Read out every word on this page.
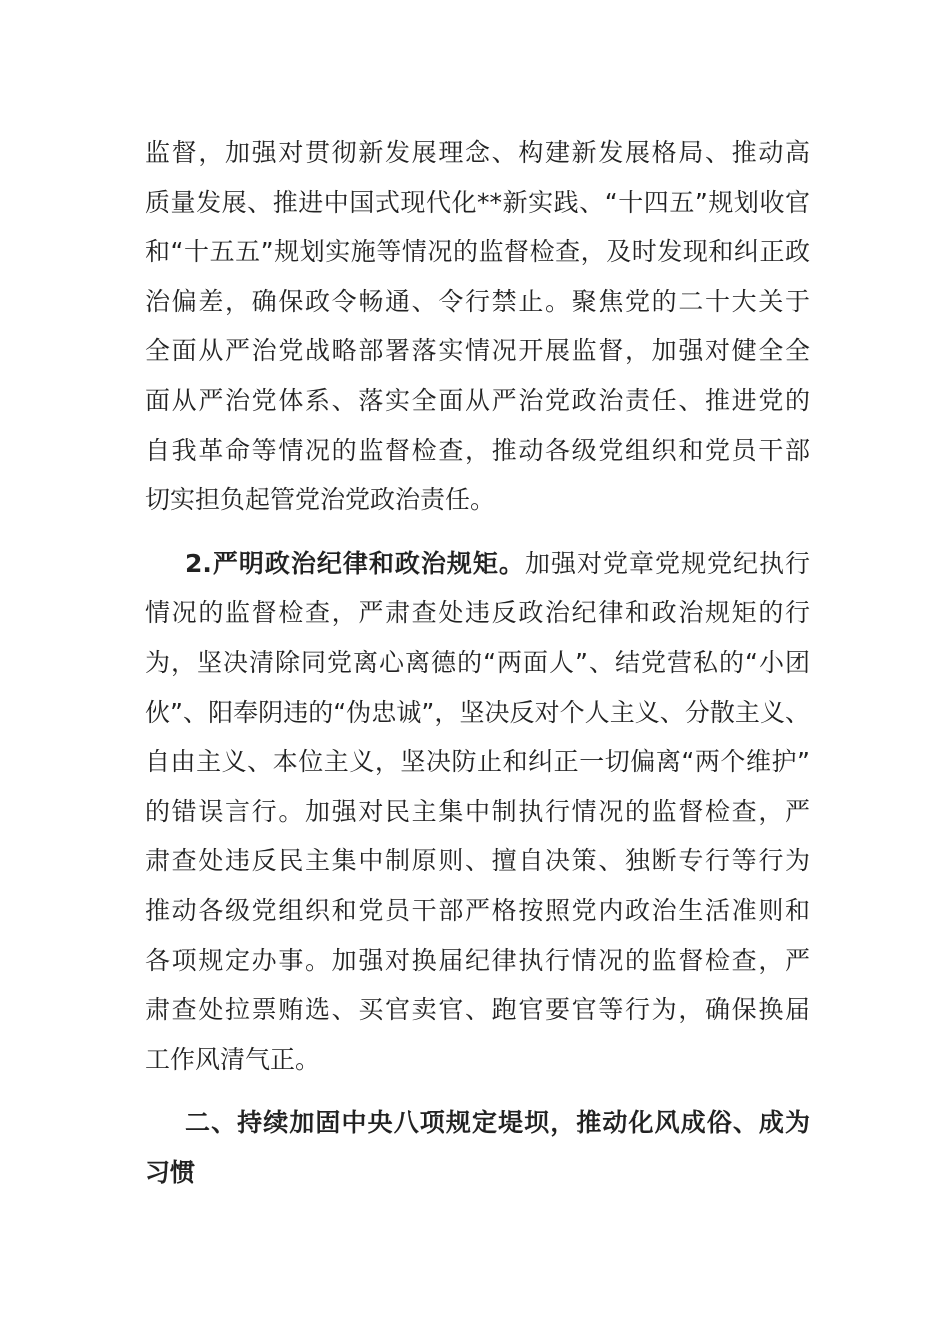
监督，加强对贯彻新发展理念、构建新发展格局、推动高
质量发展、推进中国式现代化**新实践、“十四五”规划收官
和“十五五”规划实施等情况的监督检查，及时发现和纠正政
治偏差，确保政令畅通、令行禁止。聚焦党的二十大关于
全面从严治党战略部署落实情况开展监督，加强对健全全
面从严治党体系、落实全面从严治党政治责任、推进党的
自我革命等情况的监督检查，推动各级党组织和党员干部
切实担负起管党治党政治责任。
2.严明政治纪律和政治规矩。加强对党章党规党纪执行
情况的监督检查，严肃查处违反政治纪律和政治规矩的行
为，坚决清除同党离心离德的“两面人”、结党营私的“小团
伙”、阳奉阴违的“伪忠诚”，坚决反对个人主义、分散主义、
自由主义、本位主义，坚决防止和纠正一切偏离“两个维护”
的错误言行。加强对民主集中制执行情况的监督检查，严
肃查处违反民主集中制原则、擅自决策、独断专行等行为
推动各级党组织和党员干部严格按照党内政治生活准则和
各项规定办事。加强对换届纪律执行情况的监督检查，严
肃查处拉票贿选、买官卖官、跑官要官等行为，确保换届
工作风清气正。
二、持续加固中央八项规定堤坝，推动化风成俗、成为
习惯
